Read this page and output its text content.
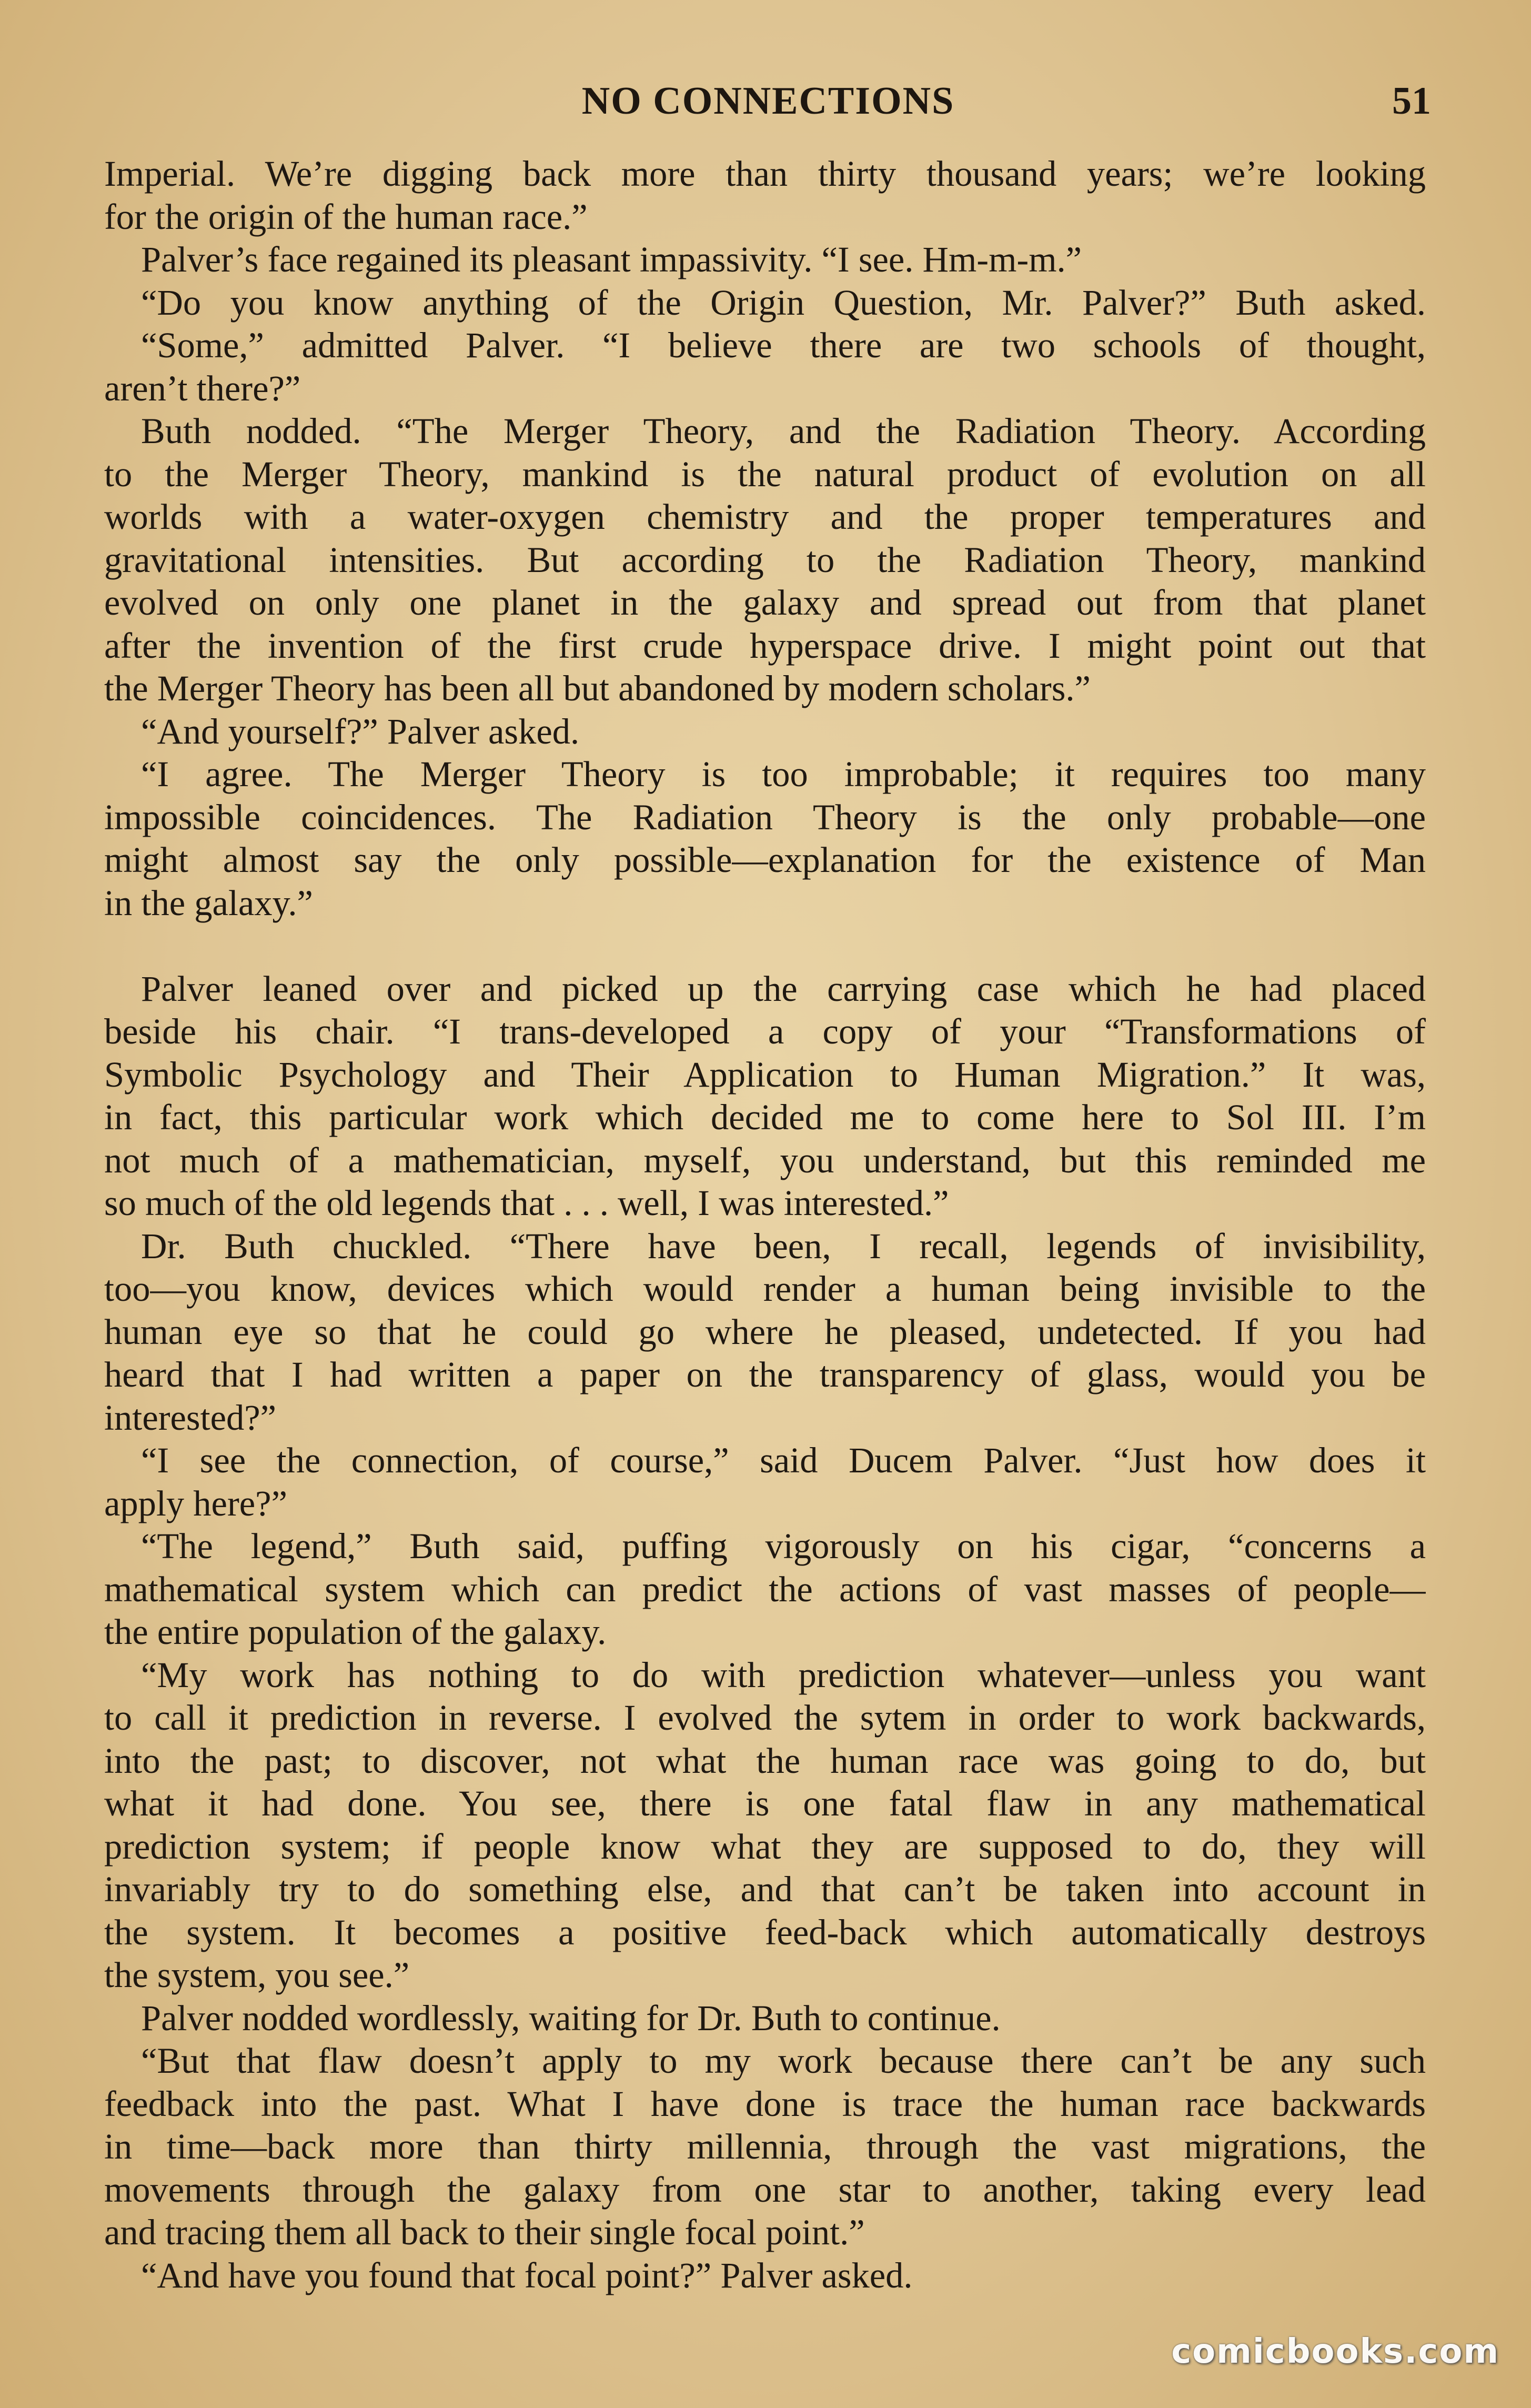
NO CONNECTIONS	51
Imperial. We’re digging back more than thirty thousand years; we’re looking
for the origin of the human race.”
Palver’s face regained its pleasant impassivity. “I see. Hm-m-m.”
“Do you know anything of the Origin Question, Mr. Palver?” Buth asked.
“Some,” admitted Palver. “I believe there are two schools of thought,
aren’t there?”
Buth nodded. “The Merger Theory, and the Radiation Theory. According
to the Merger Theory, mankind is the natural product of evolution on all
worlds with a water-oxygen chemistry and the proper temperatures and
gravitational intensities. But according to the Radiation Theory, mankind
evolved on only one planet in the galaxy and spread out from that planet
after the invention of the first crude hyperspace drive. I might point out that
the Merger Theory has been all but abandoned by modern scholars.”
“And yourself?” Palver asked.
“I agree. The Merger Theory is too improbable; it requires too many
impossible coincidences. The Radiation Theory is the only probable—one
might almost say the only possible—explanation for the existence of Man
in the galaxy.”
Palver leaned over and picked up the carrying case which he had placed
beside his chair. “I trans-developed a copy of your “Transformations of
Symbolic Psychology and Their Application to Human Migration.” It was,
in fact, this particular work which decided me to come here to Sol III. I’m
not much of a mathematician, myself, you understand, but this reminded me
so much of the old legends that . . . well, I was interested.”
Dr. Buth chuckled. “There have been, I recall, legends of invisibility,
too—you know, devices which would render a human being invisible to the
human eye so that he could go where he pleased, undetected. If you had
heard that I had written a paper on the transparency of glass, would you be
interested?”
“I see the connection, of course,” said Ducem Palver. “Just how does it
apply here?”
“The legend,” Buth said, puffing vigorously on his cigar, “concerns a
mathematical system which can predict the actions of vast masses of people—
the entire population of the galaxy.
“My work has nothing to do with prediction whatever—unless you want
to call it prediction in reverse. I evolved the sytem in order to work backwards,
into the past; to discover, not what the human race was going to do, but
what it had done. You see, there is one fatal flaw in any mathematical
prediction system; if people know what they are supposed to do, they will
invariably try to do something else, and that can’t be taken into account in
the system. It becomes a positive feed-back which automatically destroys
the system, you see.”
Palver nodded wordlessly, waiting for Dr. Buth to continue.
“But that flaw doesn’t apply to my work because there can’t be any such
feedback into the past. What I have done is trace the human race backwards
in time—back more than thirty millennia, through the vast migrations, the
movements through the galaxy from one star to another, taking every lead
and tracing them all back to their single focal point.”
“And have you found that focal point?” Palver asked.
comicbooks.com
